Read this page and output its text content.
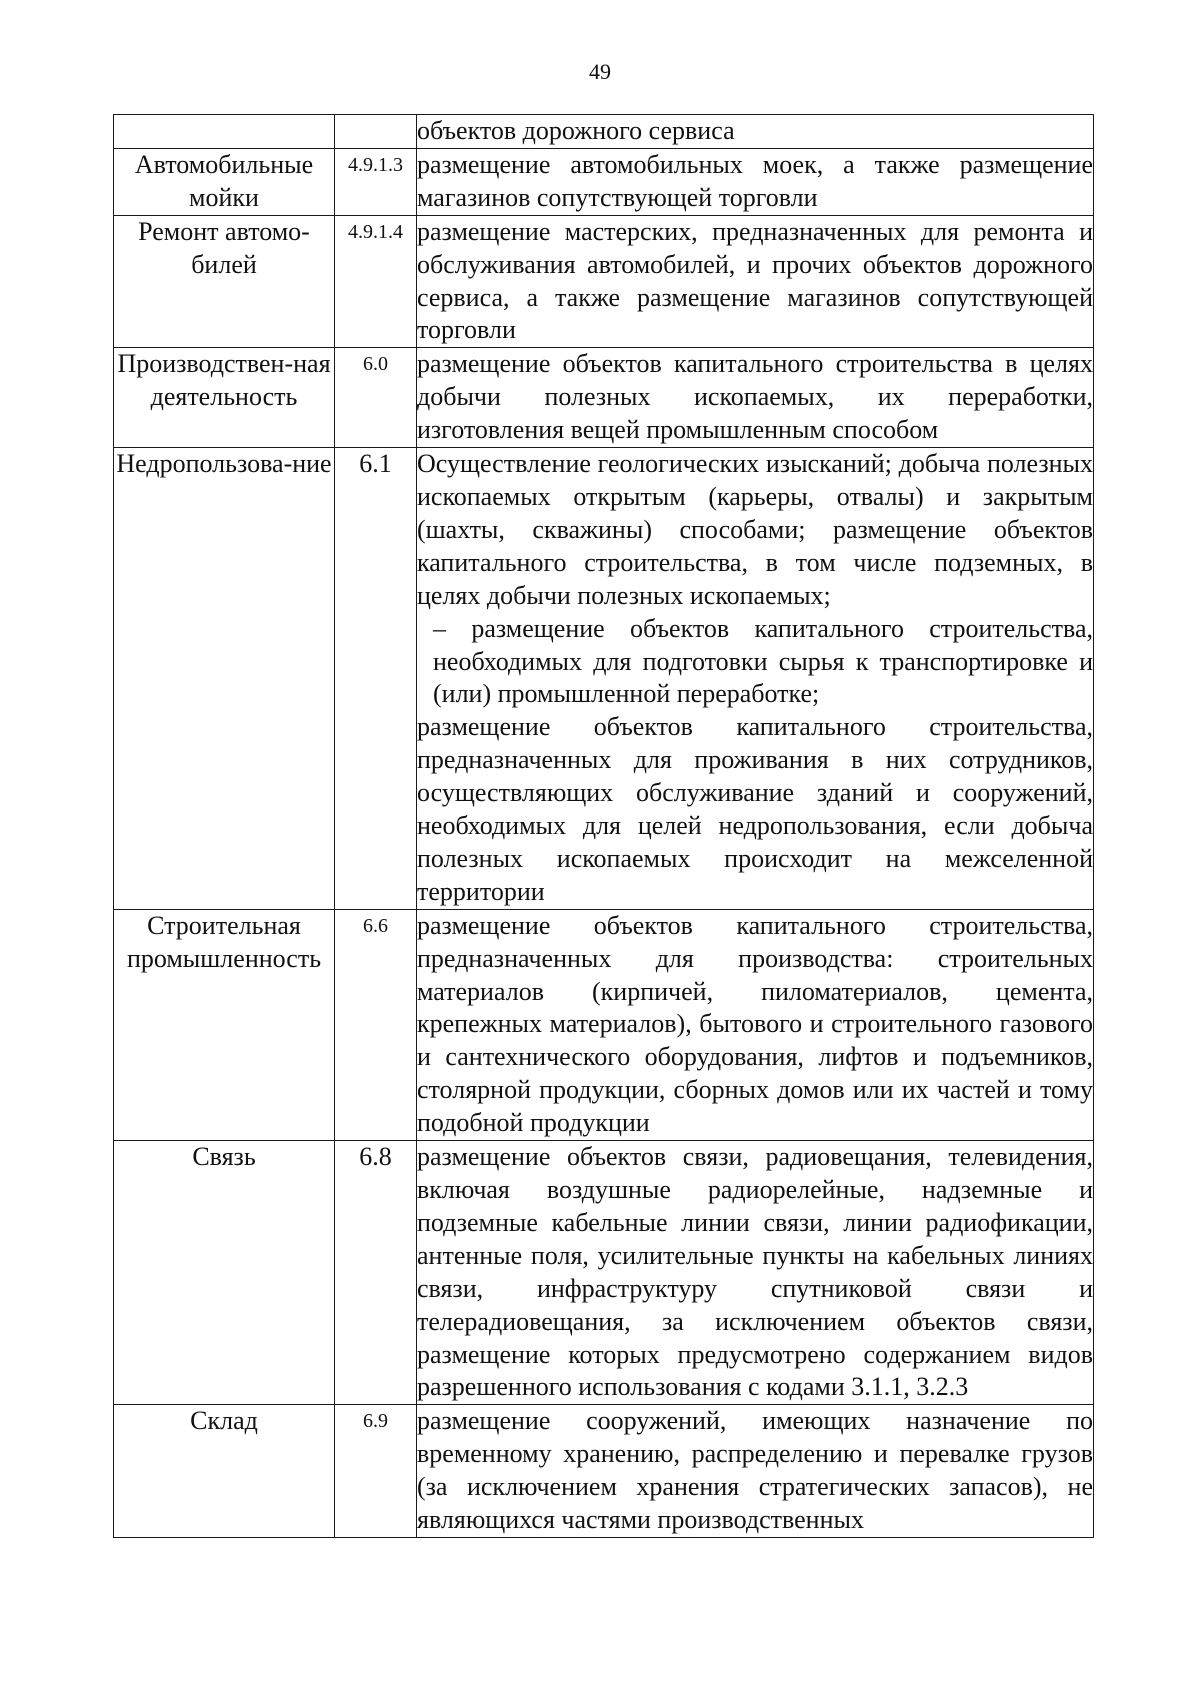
49
		объектов дорожного сервиса
Автомобильные мойки	4.9.1.3	размещение автомобильных моек, а также размещение магазинов сопутствующей торговли
Ремонт автомо-билей	4.9.1.4	размещение мастерских, предназначенных для ремонта и обслуживания автомобилей, и прочих объектов дорожного сервиса, а также размещение магазинов сопутствующей торговли
Производствен-ная деятельность	6.0	размещение объектов капитального строительства в целях добычи полезных ископаемых, их переработки, изготовления вещей промышленным способом
Недропользова-ние	6.1	Осуществление геологических изысканий; добыча полезных ископаемых открытым (карьеры, отвалы) и закрытым (шахты, скважины) способами; размещение объектов капитального строительства, в том числе подземных, в целях добычи полезных ископаемых;
– размещение объектов капитального строительства, необходимых для подготовки сырья к транспортировке и (или) промышленной переработке;
размещение объектов капитального строительства, предназначенных для проживания в них сотрудников, осуществляющих обслуживание зданий и сооружений, необходимых для целей недропользования, если добыча полезных ископаемых происходит на межселенной территории

Строительная промышленность	6.6	размещение объектов капитального строительства, предназначенных для производства: строительных материалов (кирпичей, пиломатериалов, цемента, крепежных материалов), бытового и строительного газового и сантехнического оборудования, лифтов и подъемников, столярной продукции, сборных домов или их частей и тому подобной продукции
Связь	6.8	размещение объектов связи, радиовещания, телевидения, включая воздушные радиорелейные, надземные и подземные кабельные линии связи, линии радиофикации, антенные поля, усилительные пункты на кабельных линиях связи, инфраструктуру спутниковой связи и телерадиовещания, за исключением объектов связи, размещение которых предусмотрено содержанием видов разрешенного использования с кодами 3.1.1, 3.2.3
Склад	6.9	размещение сооружений, имеющих назначение по временному хранению, распределению и перевалке грузов (за исключением хранения стратегических запасов), не являющихся частями производственных
